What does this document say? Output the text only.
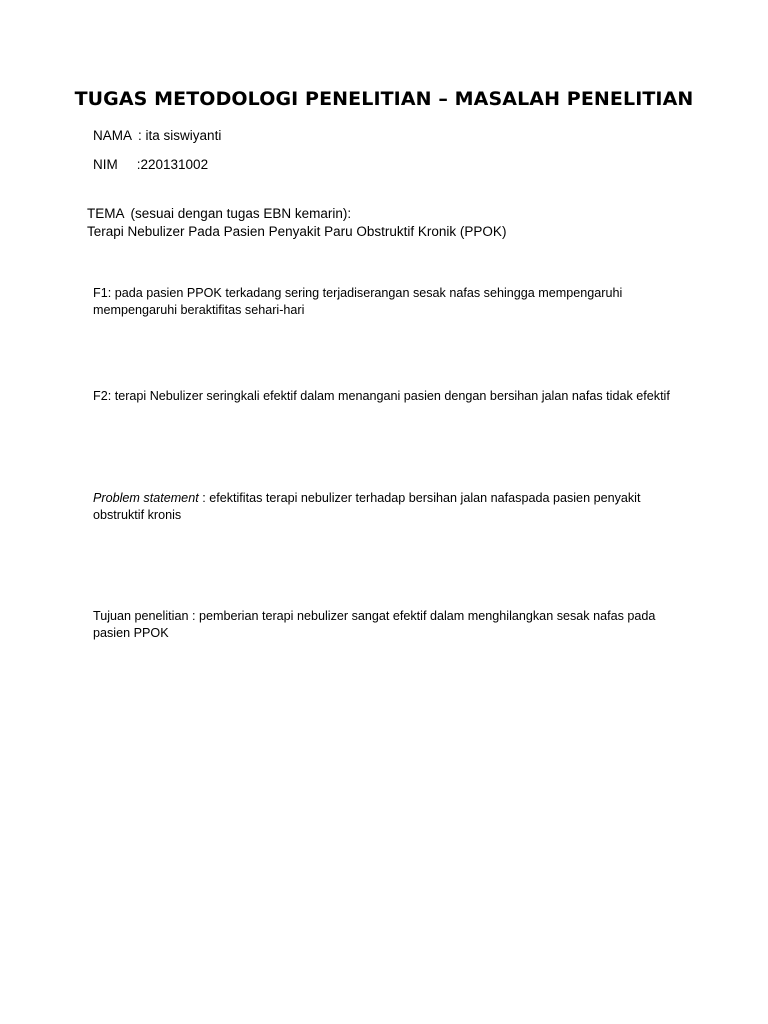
TUGAS METODOLOGI PENELITIAN – MASALAH PENELITIAN
NAMA : ita siswiyanti
NIM :220131002
TEMA (sesuai dengan tugas EBN kemarin):
Terapi Nebulizer Pada Pasien Penyakit Paru Obstruktif Kronik (PPOK)

F1: pada pasien PPOK terkadang sering terjadiserangan sesak nafas sehingga mempengaruhi mempengaruhi beraktifitas sehari-hari

F2: terapi Nebulizer seringkali efektif dalam menangani pasien dengan bersihan jalan nafas tidak efektif

Problem statement : efektifitas terapi nebulizer terhadap bersihan jalan nafaspada pasien penyakit obstruktif kronis

Tujuan penelitian : pemberian terapi nebulizer sangat efektif dalam menghilangkan sesak nafas pada pasien PPOK
